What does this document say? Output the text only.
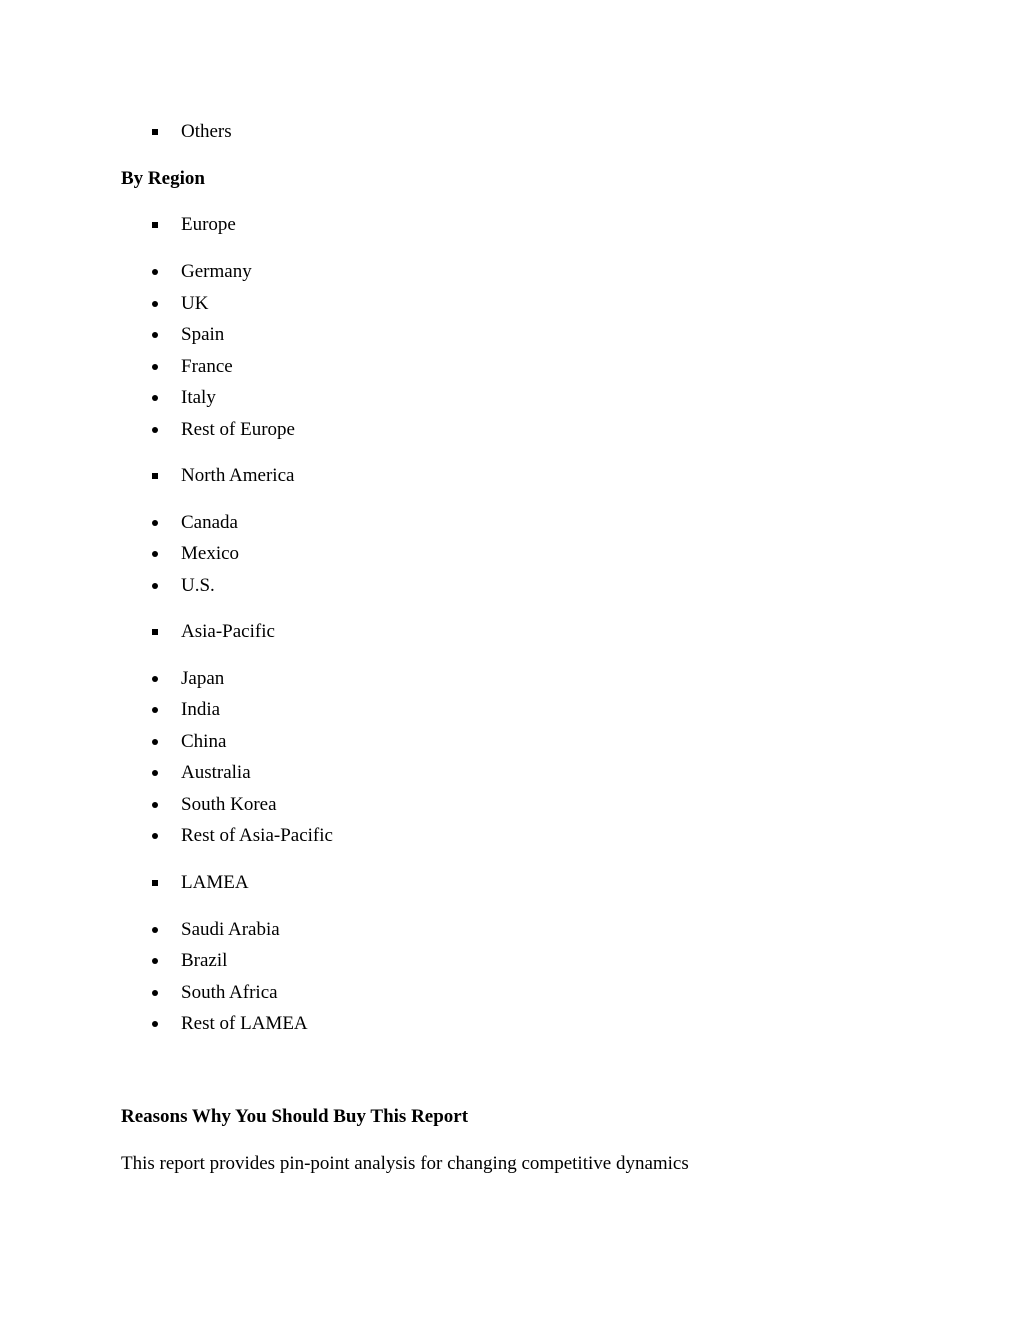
Others
By Region
Europe
Germany
UK
Spain
France
Italy
Rest of Europe
North America
Canada
Mexico
U.S.
Asia-Pacific
Japan
India
China
Australia
South Korea
Rest of Asia-Pacific
LAMEA
Saudi Arabia
Brazil
South Africa
Rest of LAMEA
Reasons Why You Should Buy This Report
This report provides pin-point analysis for changing competitive dynamics
